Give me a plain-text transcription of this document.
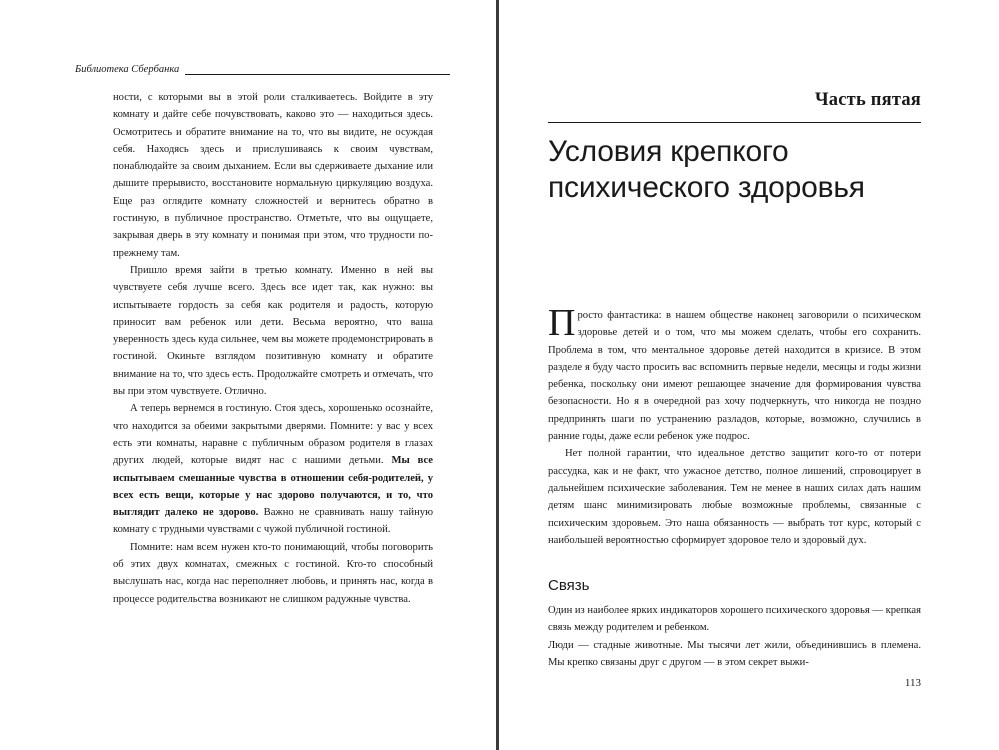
Библиотека Сбербанка

ности, с которыми вы в этой роли сталкиваетесь. Войдите в эту комнату и дайте себе почувствовать, каково это — находиться здесь. Осмотритесь и обратите внимание на то, что вы видите, не осуждая себя. Находясь здесь и прислушиваясь к своим чувствам, понаблюдайте за своим дыханием. Если вы сдерживаете дыхание или дышите прерывисто, восстановите нормальную циркуляцию воздуха. Еще раз оглядите комнату сложностей и вернитесь обратно в гостиную, в публичное пространство. Отметьте, что вы ощущаете, закрывая дверь в эту комнату и понимая при этом, что трудности по-прежнему там.

Пришло время зайти в третью комнату. Именно в ней вы чувствуете себя лучше всего. Здесь все идет так, как нужно: вы испытываете гордость за себя как родителя и радость, которую приносит вам ребенок или дети. Весьма вероятно, что ваша уверенность здесь куда сильнее, чем вы можете продемонстрировать в гостиной. Окиньте взглядом позитивную комнату и обратите внимание на то, что здесь есть. Продолжайте смотреть и отмечать, что вы при этом чувствуете. Отлично.

А теперь вернемся в гостиную. Стоя здесь, хорошенько осознайте, что находится за обеими закрытыми дверями. Помните: у вас у всех есть эти комнаты, наравне с публичным образом родителя в глазах других людей, которые видят нас с нашими детьми. Мы все испытываем смешанные чувства в отношении себя-родителей, у всех есть вещи, которые у нас здорово получаются, и то, что выглядит далеко не здорово. Важно не сравнивать нашу тайную комнату с трудными чувствами с чужой публичной гостиной.

Помните: нам всем нужен кто-то понимающий, чтобы поговорить об этих двух комнатах, смежных с гостиной. Кто-то способный выслушать нас, когда нас переполняет любовь, и принять нас, когда в процессе родительства возникают не слишком радужные чувства.

Часть пятая
Условия крепкого психического здоровья

Просто фантастика: в нашем обществе наконец заговорили о психическом здоровье детей и о том, что мы можем сделать, чтобы его сохранить. Проблема в том, что ментальное здоровье детей находится в кризисе. В этом разделе я буду часто просить вас вспомнить первые недели, месяцы и годы жизни ребенка, поскольку они имеют решающее значение для формирования чувства безопасности. Но я в очередной раз хочу подчеркнуть, что никогда не поздно предпринять шаги по устранению разладов, которые, возможно, случились в ранние годы, даже если ребенок уже подрос.

Нет полной гарантии, что идеальное детство защитит кого-то от потери рассудка, как и не факт, что ужасное детство, полное лишений, спровоцирует в дальнейшем психические заболевания. Тем не менее в наших силах дать нашим детям шанс минимизировать любые возможные проблемы, связанные с психическим здоровьем. Это наша обязанность — выбрать тот курс, который с наибольшей вероятностью сформирует здоровое тело и здоровый дух.

Связь

Один из наиболее ярких индикаторов хорошего психического здоровья — крепкая связь между родителем и ребенком.

Люди — стадные животные. Мы тысячи лет жили, объединившись в племена. Мы крепко связаны друг с другом — в этом секрет выжи-

113
